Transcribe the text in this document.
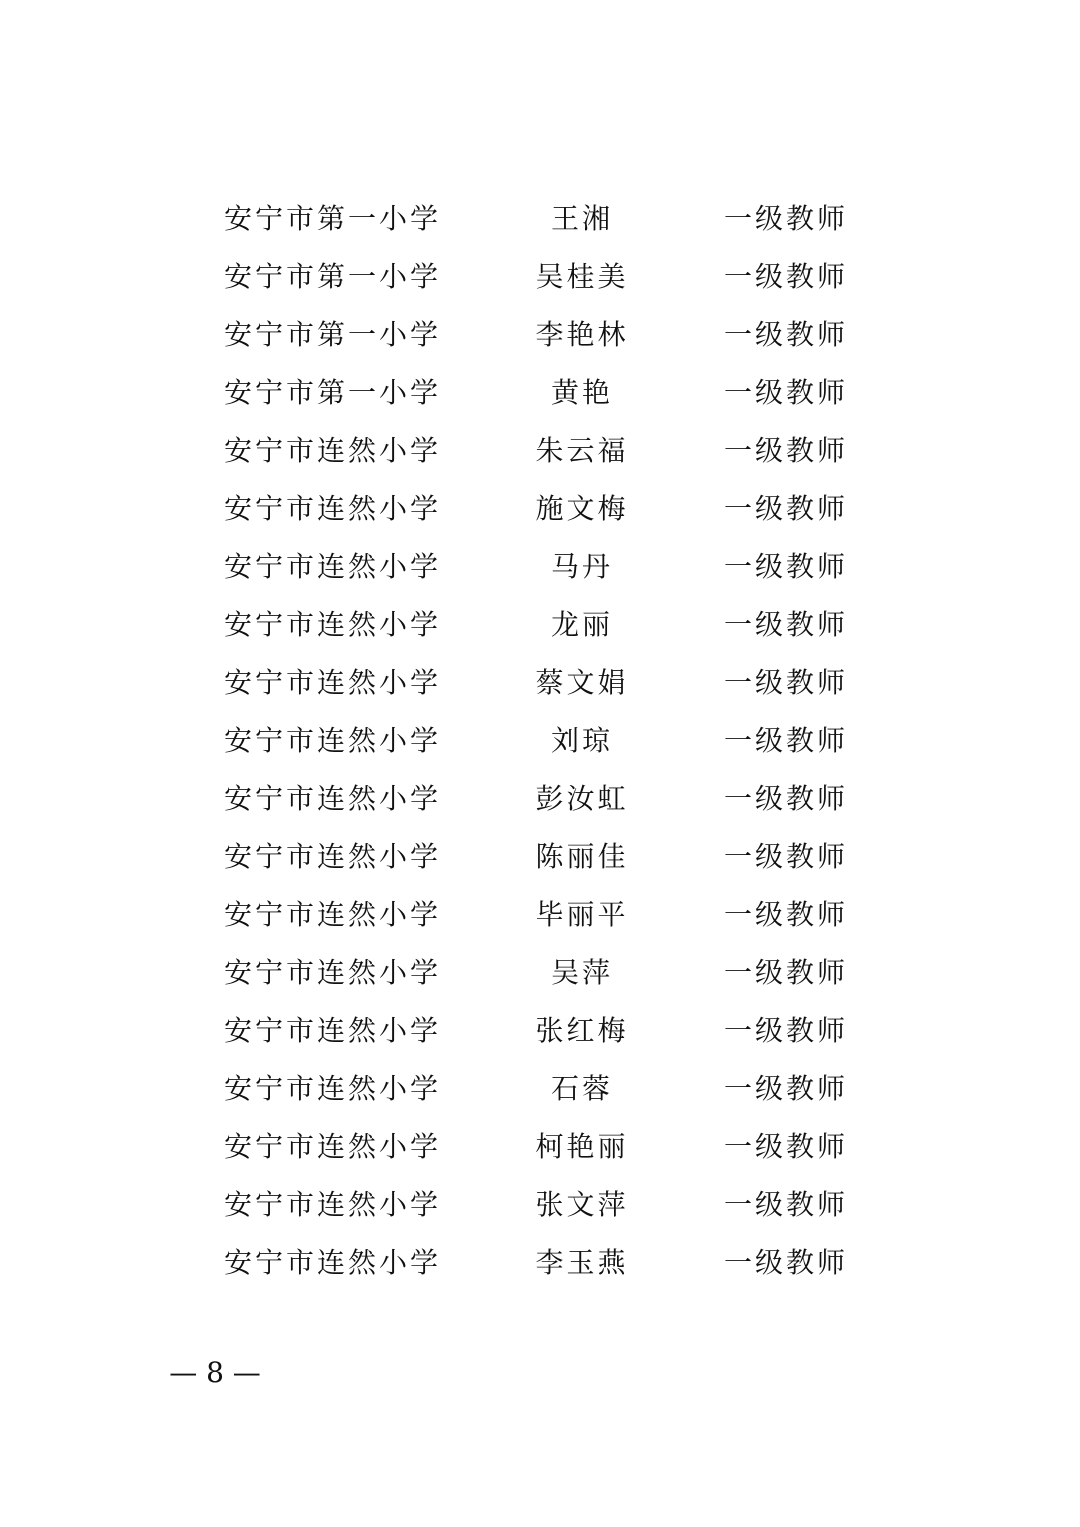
安宁市第一小学	王湘	一级教师
安宁市第一小学	吴桂美	一级教师
安宁市第一小学	李艳林	一级教师
安宁市第一小学	黄艳	一级教师
安宁市连然小学	朱云福	一级教师
安宁市连然小学	施文梅	一级教师
安宁市连然小学	马丹	一级教师
安宁市连然小学	龙丽	一级教师
安宁市连然小学	蔡文娟	一级教师
安宁市连然小学	刘琼	一级教师
安宁市连然小学	彭汝虹	一级教师
安宁市连然小学	陈丽佳	一级教师
安宁市连然小学	毕丽平	一级教师
安宁市连然小学	吴萍	一级教师
安宁市连然小学	张红梅	一级教师
安宁市连然小学	石蓉	一级教师
安宁市连然小学	柯艳丽	一级教师
安宁市连然小学	张文萍	一级教师
安宁市连然小学	李玉燕	一级教师
— 8 —
